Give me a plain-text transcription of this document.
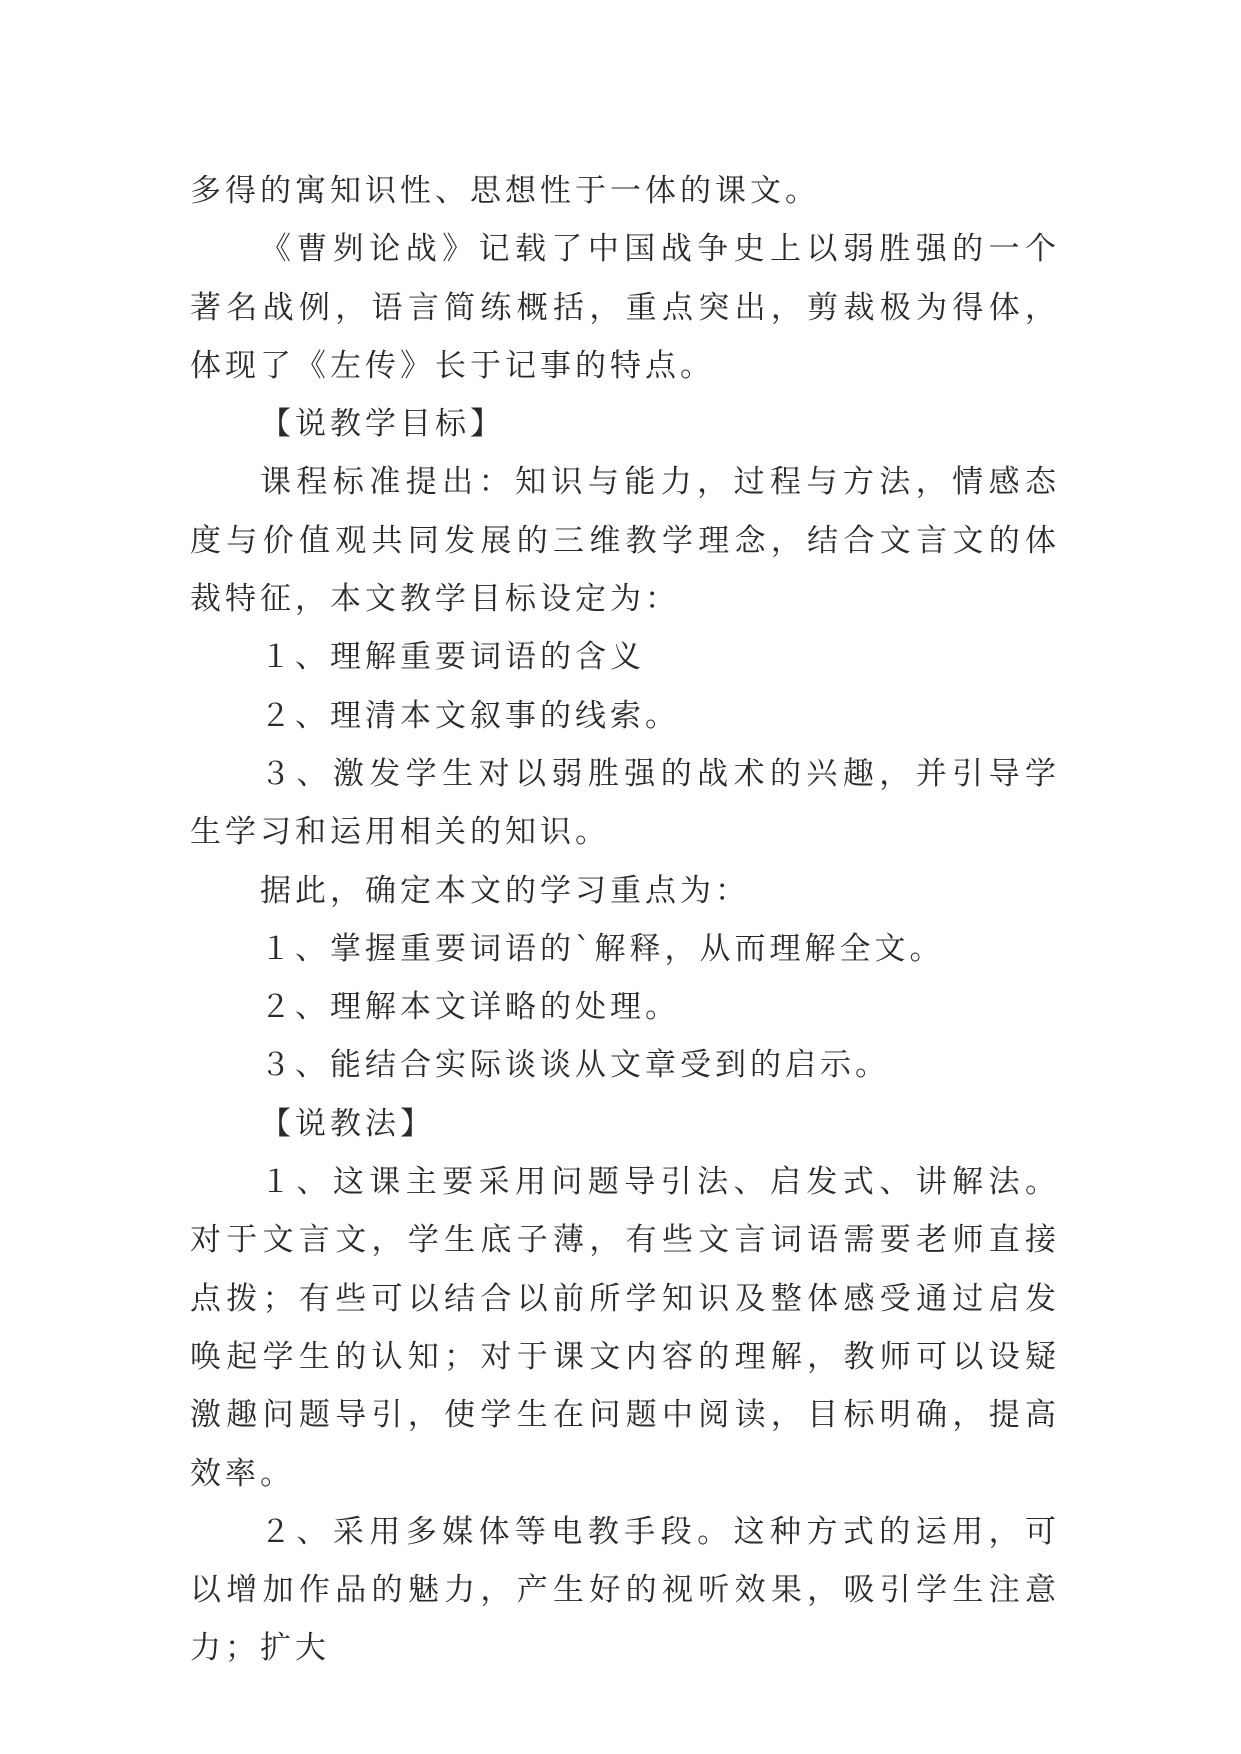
多得的寓知识性、思想性于一体的课文。

《曹刿论战》记载了中国战争史上以弱胜强的一个著名战例，语言简练概括，重点突出，剪裁极为得体，体现了《左传》长于记事的特点。

【说教学目标】

课程标准提出：知识与能力，过程与方法，情感态度与价值观共同发展的三维教学理念，结合文言文的体裁特征，本文教学目标设定为：

１、理解重要词语的含义

２、理清本文叙事的线索。

３、激发学生对以弱胜强的战术的兴趣，并引导学生学习和运用相关的知识。

据此，确定本文的学习重点为：

１、掌握重要词语的`解释，从而理解全文。

２、理解本文详略的处理。

３、能结合实际谈谈从文章受到的启示。

【说教法】

１、这课主要采用问题导引法、启发式、讲解法。对于文言文，学生底子薄，有些文言词语需要老师直接点拨；有些可以结合以前所学知识及整体感受通过启发唤起学生的认知；对于课文内容的理解，教师可以设疑激趣问题导引，使学生在问题中阅读，目标明确，提高效率。

２、采用多媒体等电教手段。这种方式的运用，可以增加作品的魅力，产生好的视听效果，吸引学生注意力；扩大
